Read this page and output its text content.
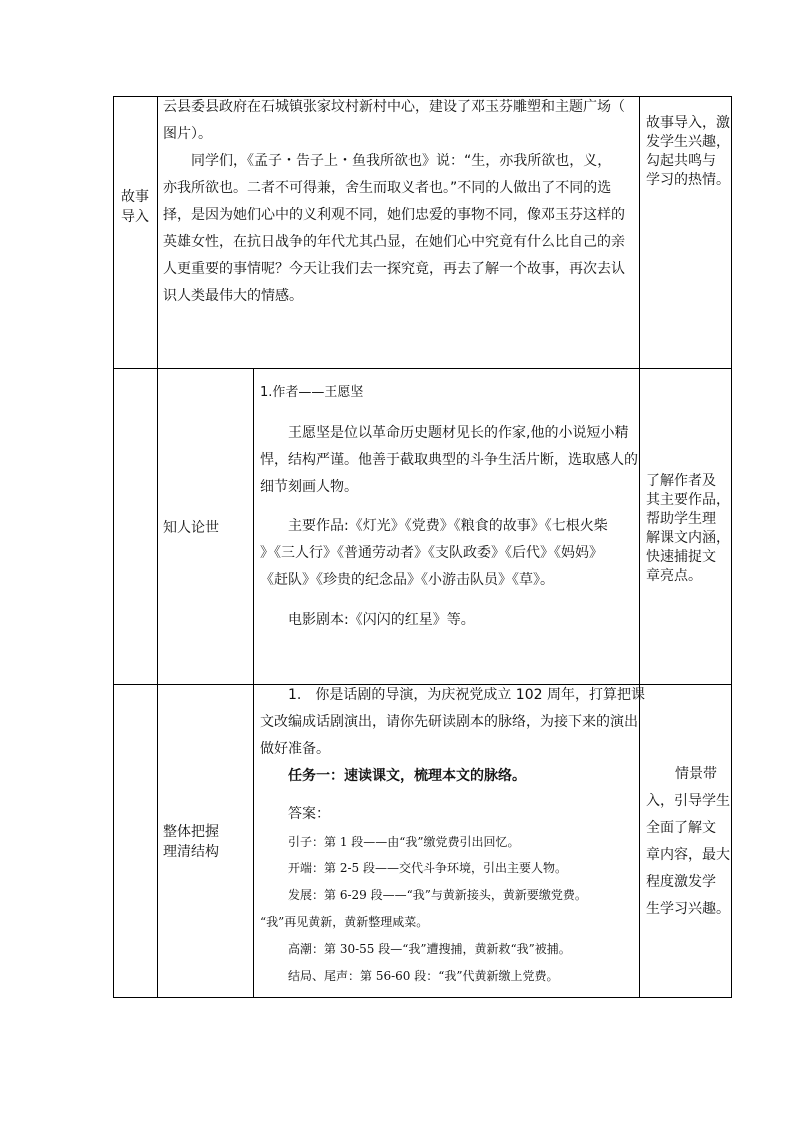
故事
导入
云县委县政府在石城镇张家坟村新村中心，建设了邓玉芬雕塑和主题广场（
图片）。
同学们，《孟子・告子上・鱼我所欲也》说：“生，亦我所欲也，义，
亦我所欲也。二者不可得兼，舍生而取义者也。”不同的人做出了不同的选
择，是因为她们心中的义利观不同，她们忠爱的事物不同，像邓玉芬这样的
英雄女性，在抗日战争的年代尤其凸显，在她们心中究竟有什么比自己的亲
人更重要的事情呢？今天让我们去一探究竟，再去了解一个故事，再次去认
识人类最伟大的情感。
故事导入，激
发学生兴趣，
勾起共鸣与
学习的热情。
知人论世
1.作者——王愿坚
王愿坚是位以革命历史题材见长的作家,他的小说短小精
悍，结构严谨。他善于截取典型的斗争生活片断，选取感人的
细节刻画人物。
主要作品:《灯光》《党费》《粮食的故事》《七根火柴
》《三人行》《普通劳动者》《支队政委》《后代》《妈妈》
《赶队》《珍贵的纪念品》《小游击队员》《草》。
电影剧本:《闪闪的红星》等。
了解作者及
其主要作品，
帮助学生理
解课文内涵，
快速捕捉文
章亮点。
整体把握
理清结构
1.　你是话剧的导演，为庆祝党成立 102 周年，打算把课
文改编成话剧演出，请你先研读剧本的脉络，为接下来的演出
做好准备。
任务一：速读课文，梳理本文的脉络。
答案：
引子：第 1 段——由“我”缴党费引出回忆。
开端：第 2-5 段——交代斗争环境，引出主要人物。
发展：第 6-29 段——“我”与黄新接头，黄新要缴党费。
“我”再见黄新，黄新整理咸菜。
高潮：第 30-55 段—“我”遭搜捕，黄新救“我”被捕。
结局、尾声：第 56-60 段：“我”代黄新缴上党费。
情景带
入，引导学生
全面了解文
章内容，最大
程度激发学
生学习兴趣。
